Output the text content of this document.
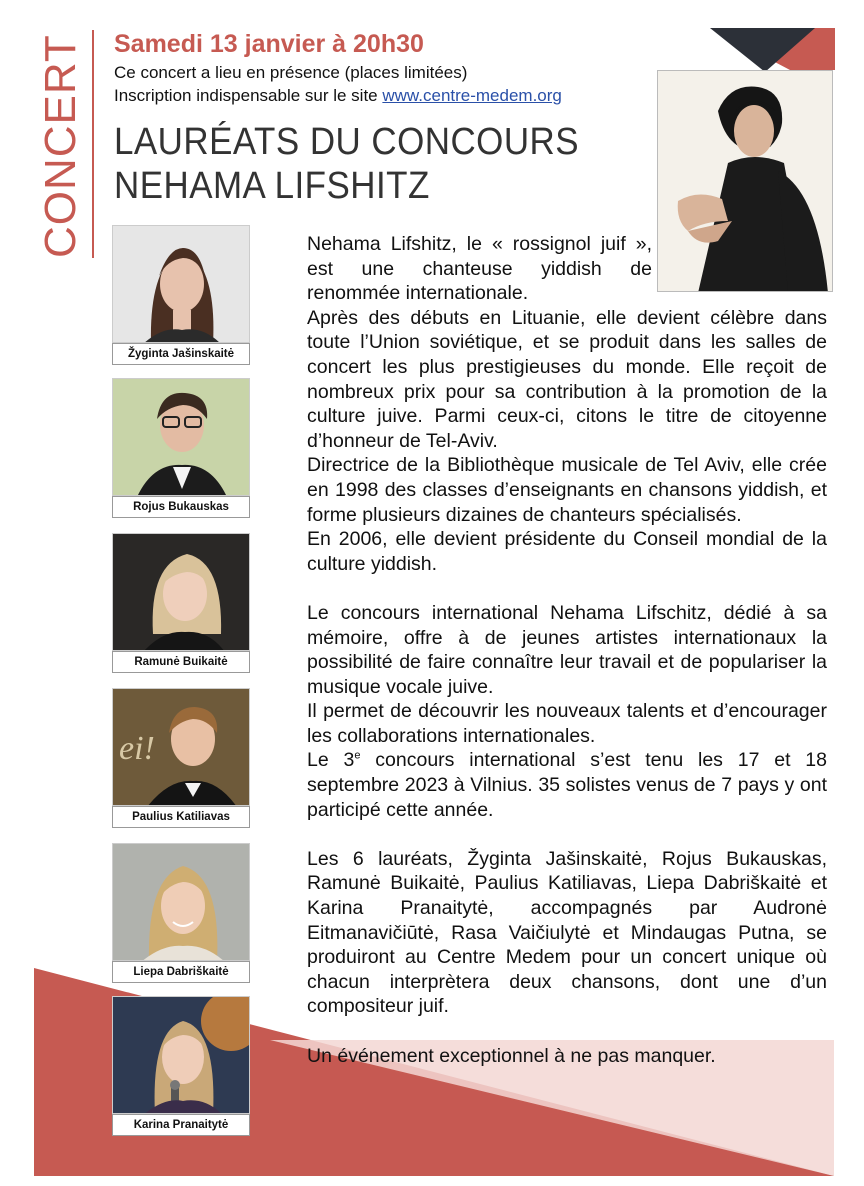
CONCERT Samedi 13 janvier à 20h30
Ce concert a lieu en présence (places limitées)
Inscription indispensable sur le site www.centre-medem.org
LAURÉATS DU CONCOURS
NEHAMA LIFSHITZ
Žyginta Jašinskaitė
Rojus Bukauskas
Ramunė Buikaitė
ei!
Paulius Katiliavas
Liepa Dabriškaitė
Karina Pranaitytė

Nehama Lifshitz, le « rossignol juif », est une chanteuse yiddish de renommée internationale.

Après des débuts en Lituanie, elle devient célèbre dans toute l’Union soviétique, et se produit dans les salles de concert les plus prestigieuses du monde. Elle reçoit de nombreux prix pour sa contribution à la promotion de la culture juive. Parmi ceux-ci, citons le titre de citoyenne d’honneur de Tel-Aviv.

Directrice de la Bibliothèque musicale de Tel Aviv, elle crée en 1998 des classes d’enseignants en chansons yiddish, et forme plusieurs dizaines de chanteurs spécialisés.

En 2006, elle devient présidente du Conseil mondial de la culture yiddish.

Le concours international Nehama Lifschitz, dédié à sa mémoire, offre à de jeunes artistes internationaux la possibilité de faire connaître leur travail et de populariser la musique vocale juive.

Il permet de découvrir les nouveaux talents et d’encourager les collaborations internationales.

Le 3e concours international s’est tenu les 17 et 18 septembre 2023 à Vilnius. 35 solistes venus de 7 pays y ont participé cette année.

Les 6 lauréats, Žyginta Jašinskaitė, Rojus Bukauskas, Ramunė Buikaitė, Paulius Katiliavas, Liepa Dabriškaitė et Karina Pranaitytė, accompagnés par Audronė Eitmanavičiūtė, Rasa Vaičiulytė et Mindaugas Putna, se produiront au Centre Medem pour un concert unique où chacun interprètera deux chansons, dont une d’un compositeur juif.

Un événement exceptionnel à ne pas manquer.
